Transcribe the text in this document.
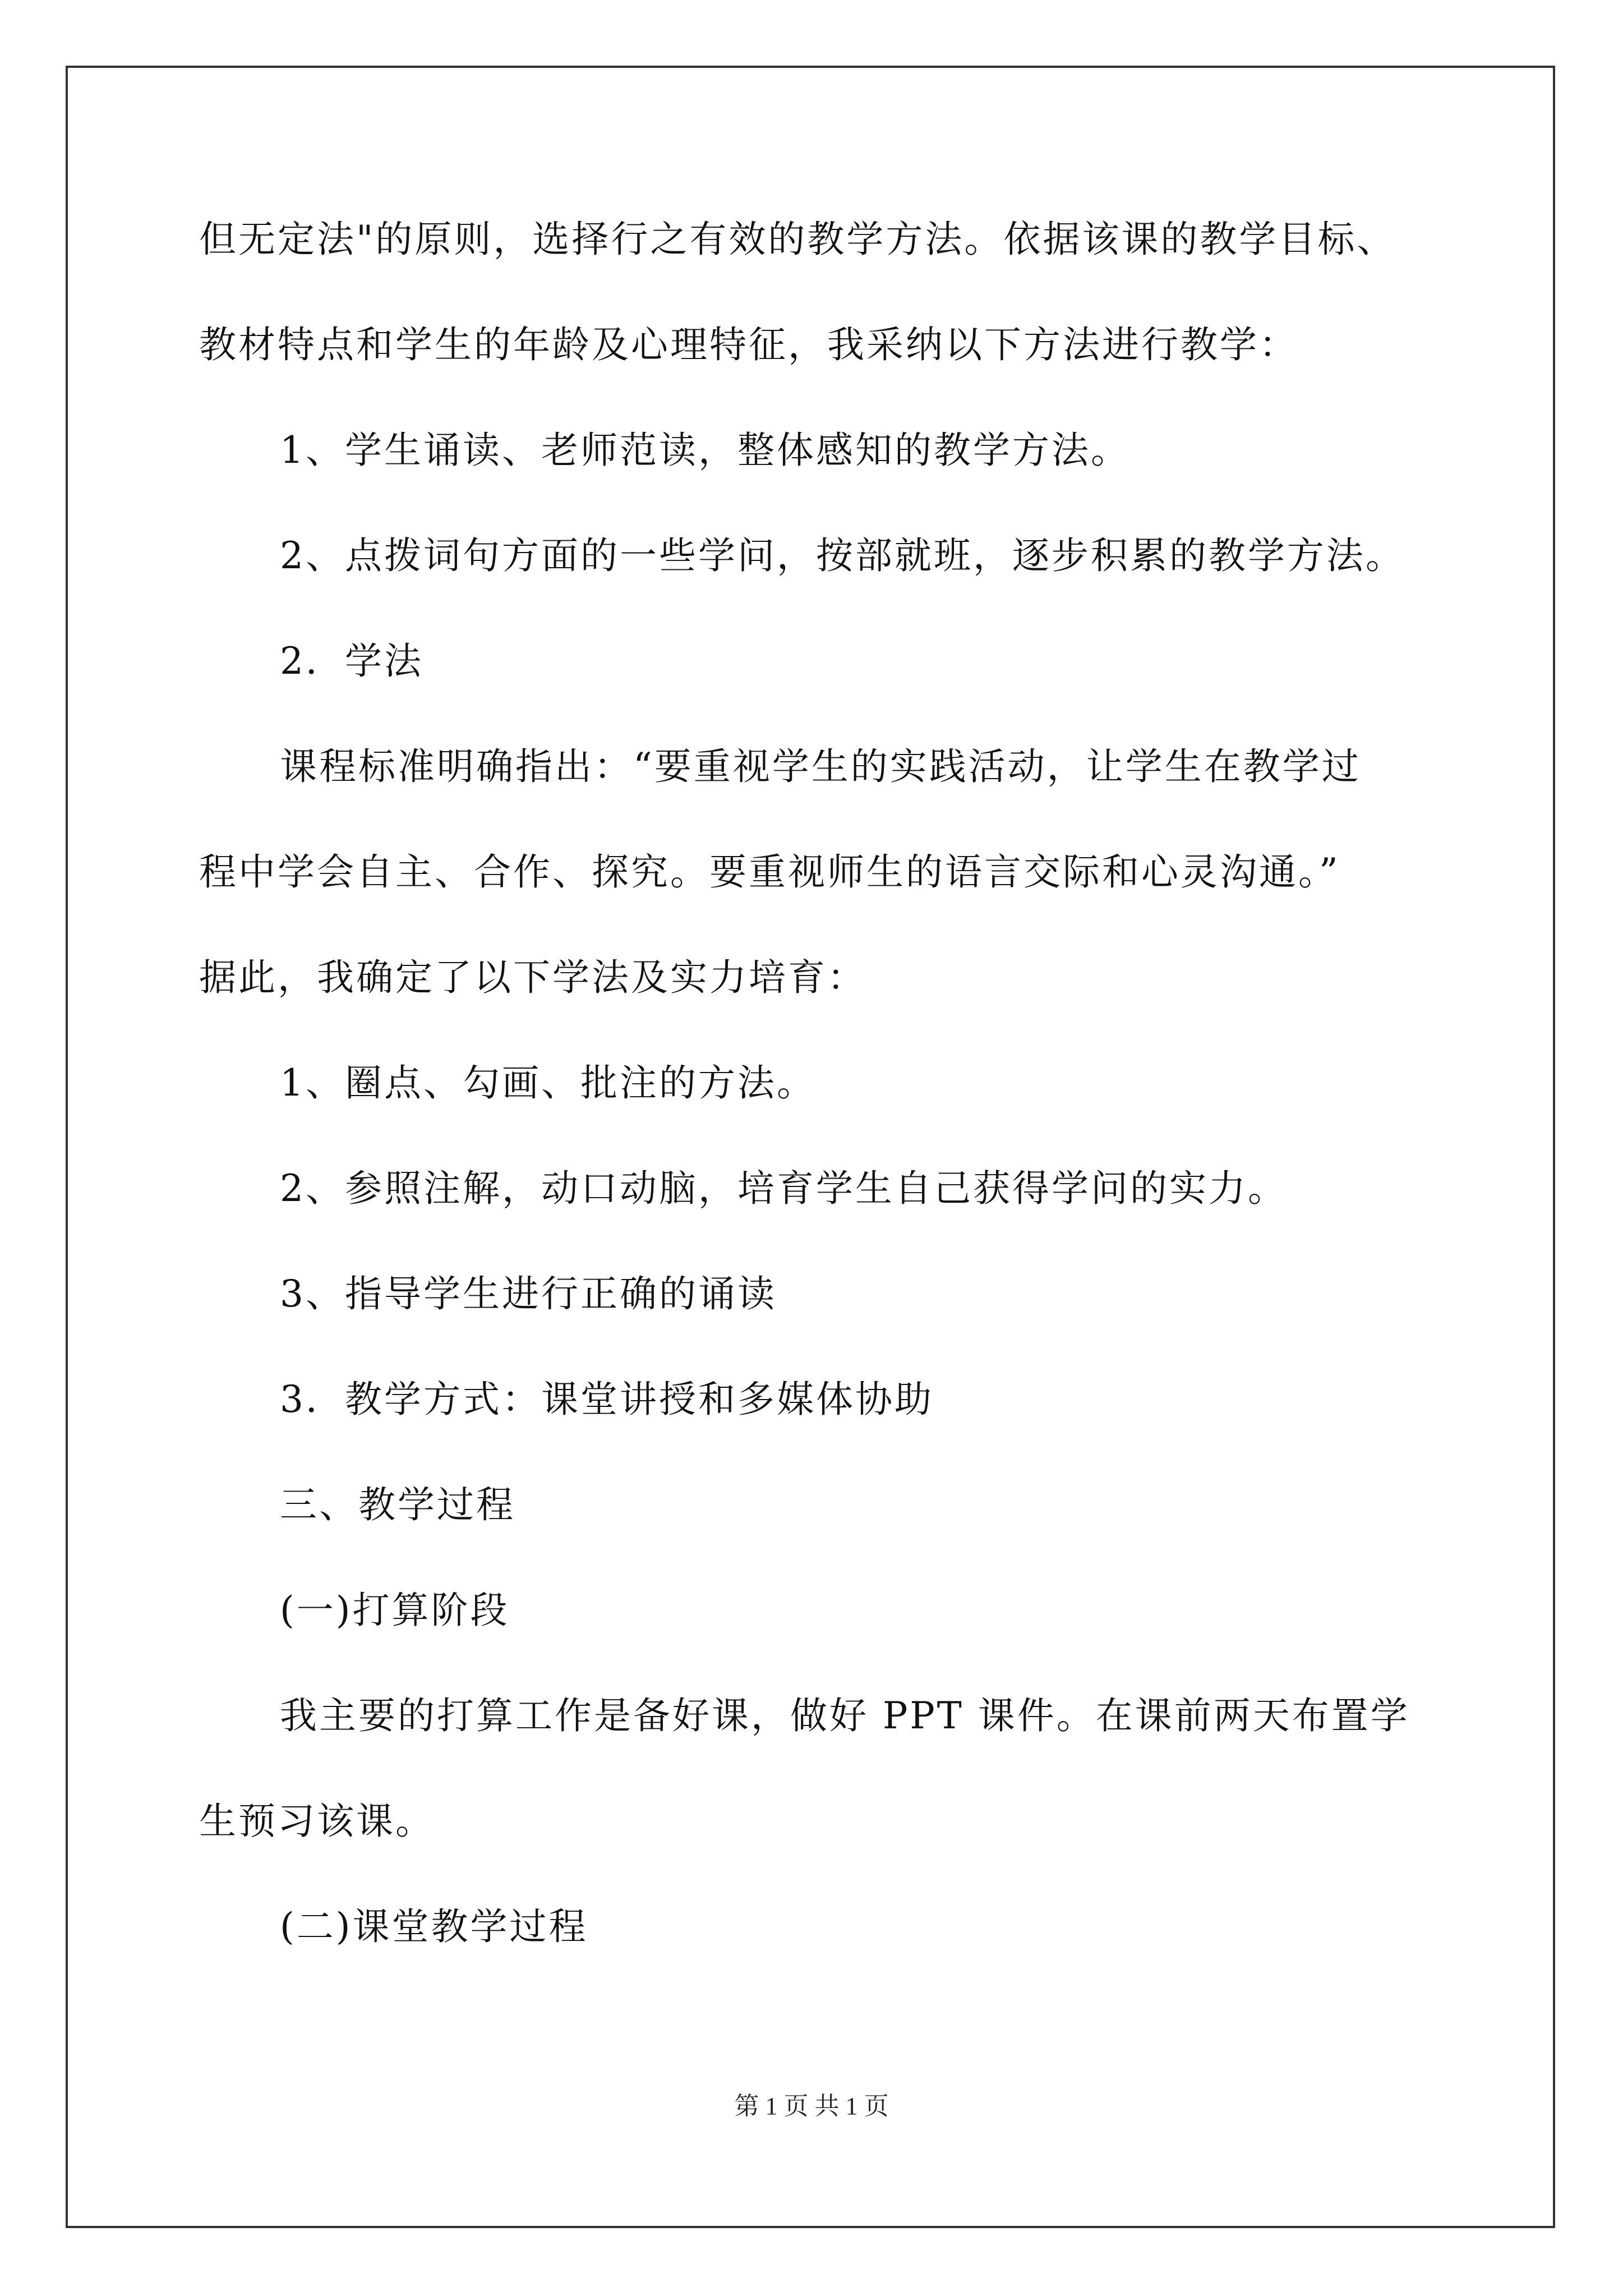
但无定法"的原则，选择行之有效的教学方法。依据该课的教学目标、
教材特点和学生的年龄及心理特征，我采纳以下方法进行教学：
1、学生诵读、老师范读，整体感知的教学方法。
2、点拨词句方面的一些学问，按部就班，逐步积累的教学方法。
2．学法
课程标准明确指出：“要重视学生的实践活动，让学生在教学过
程中学会自主、合作、探究。要重视师生的语言交际和心灵沟通。”
据此，我确定了以下学法及实力培育：
1、圈点、勾画、批注的方法。
2、参照注解，动口动脑，培育学生自己获得学问的实力。
3、指导学生进行正确的诵读
3．教学方式：课堂讲授和多媒体协助
三、教学过程
(一)打算阶段
我主要的打算工作是备好课，做好 PPT 课件。在课前两天布置学
生预习该课。
(二)课堂教学过程
第 1 页 共 1 页
